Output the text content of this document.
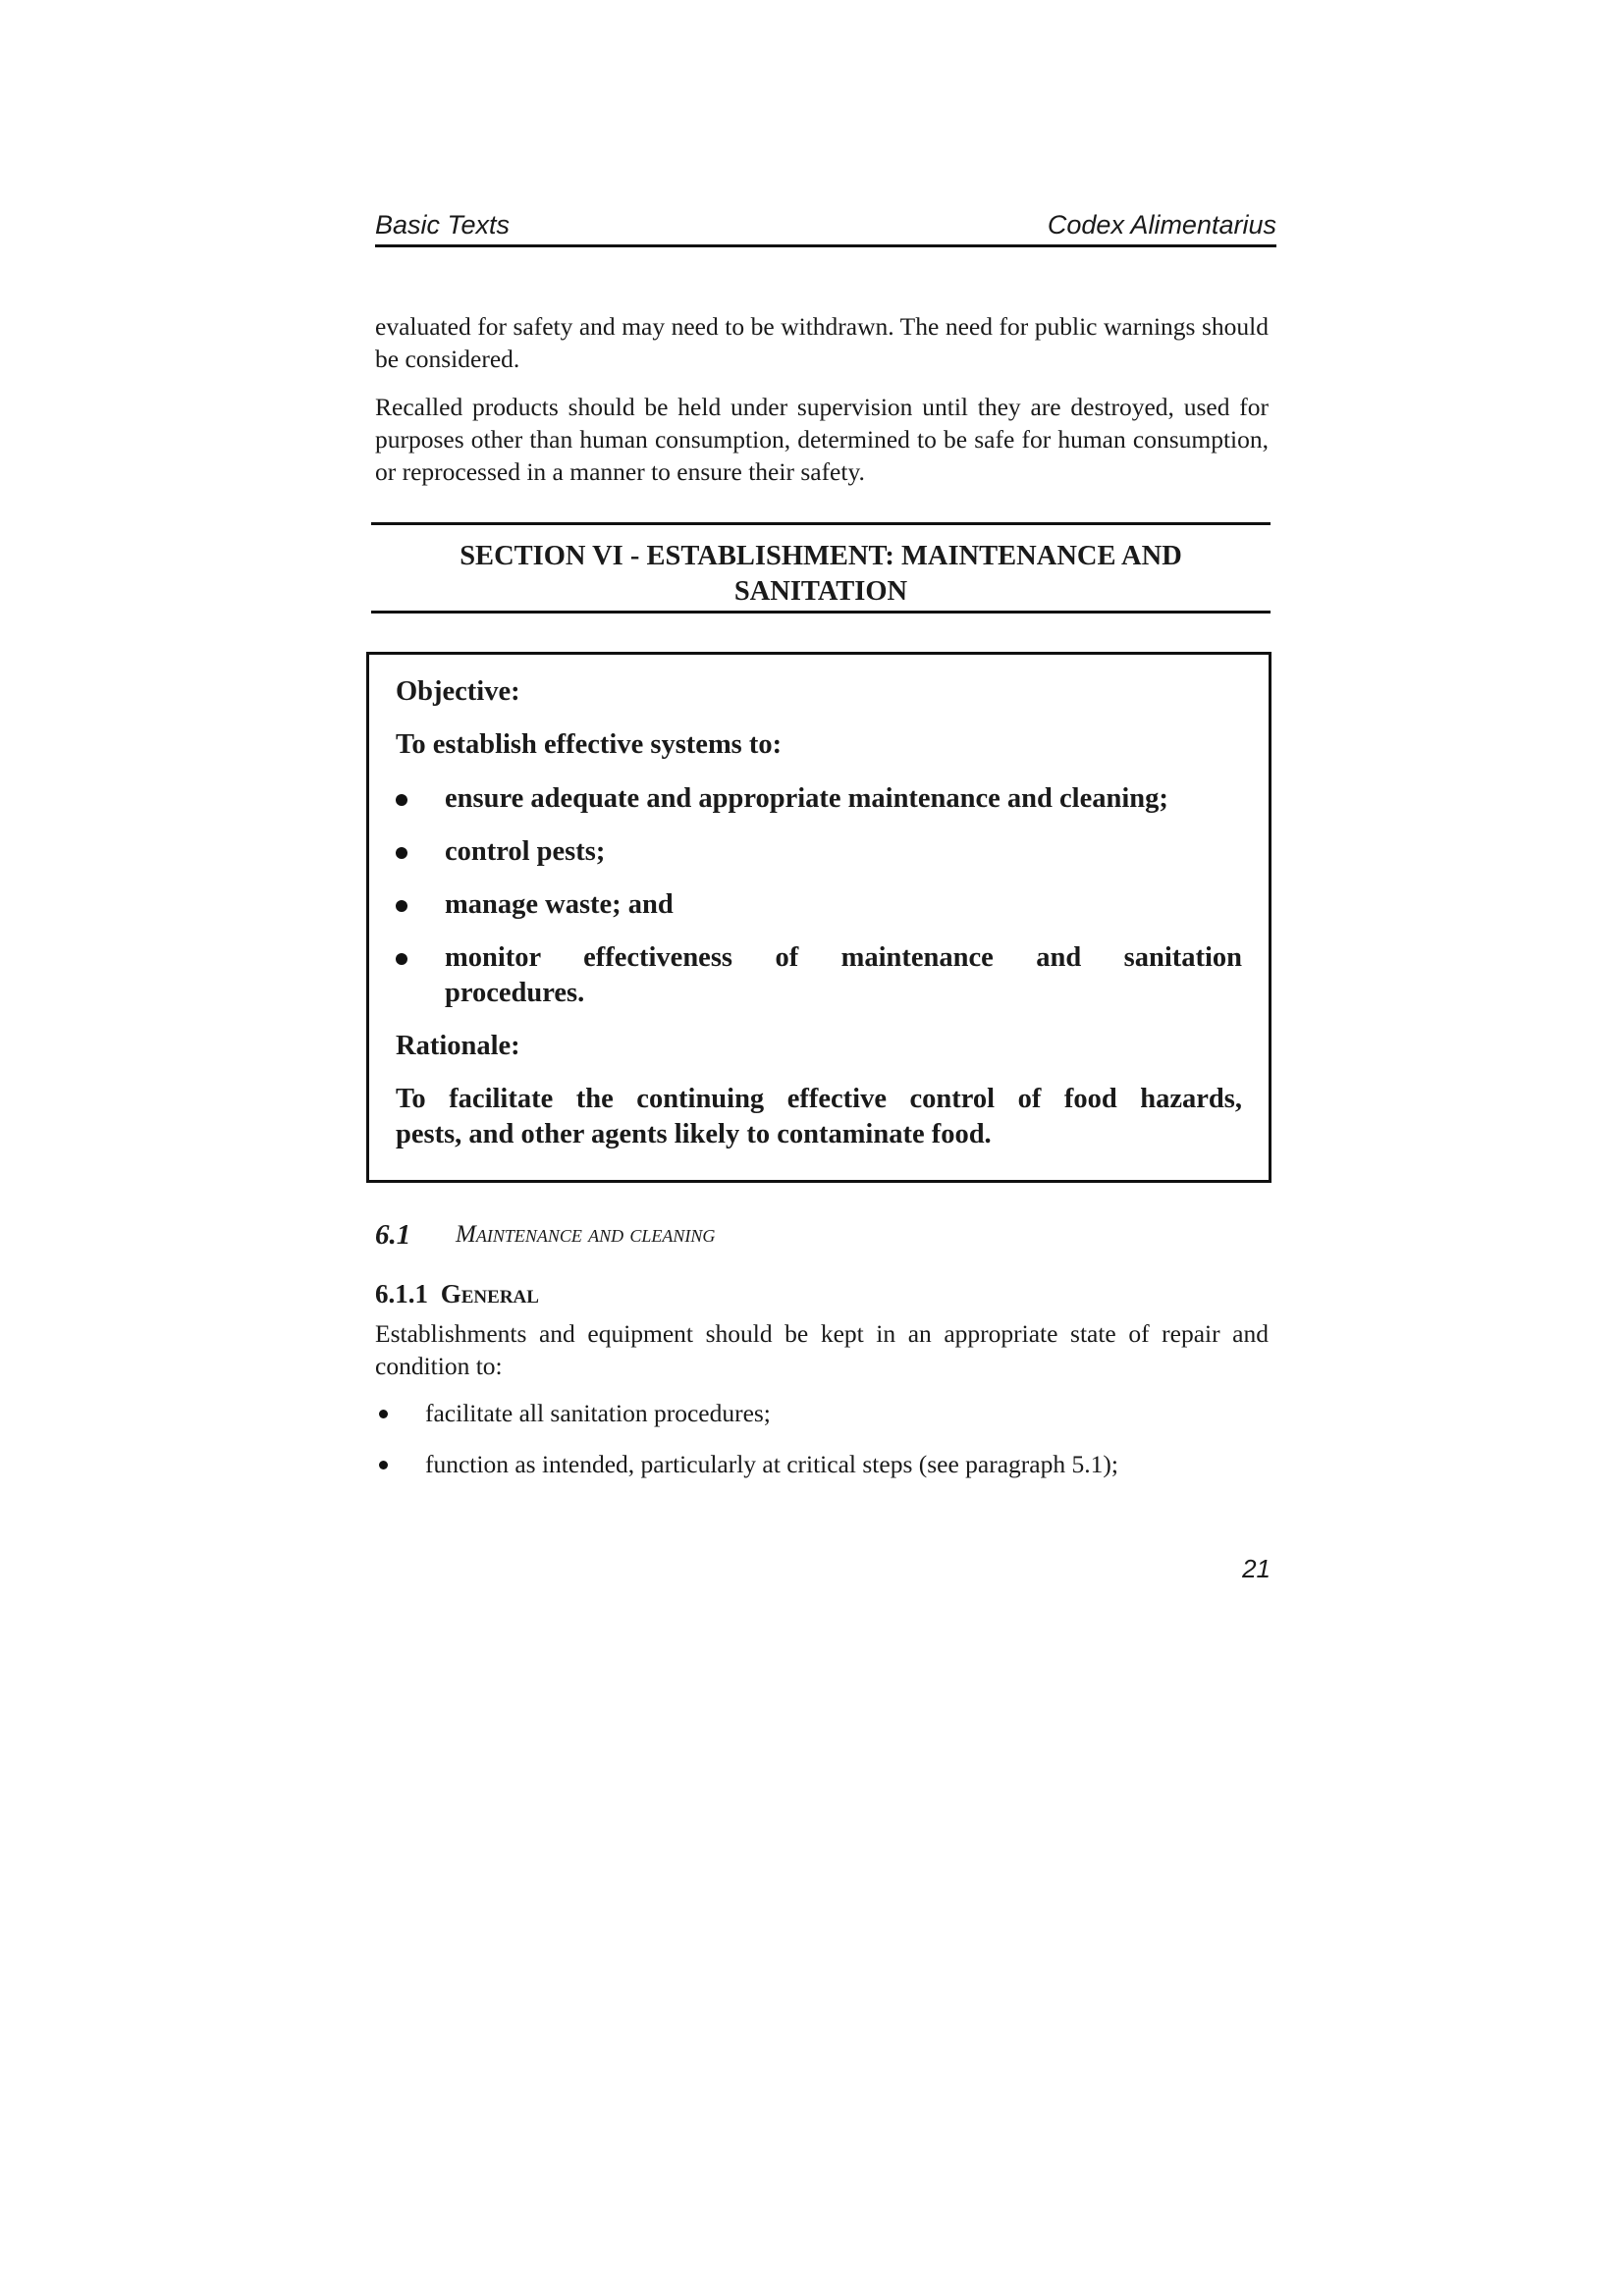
Basic Texts	Codex Alimentarius

evaluated for safety and may need to be withdrawn. The need for public warnings should be considered.

Recalled products should be held under supervision until they are destroyed, used for purposes other than human consumption, determined to be safe for human consumption, or reprocessed in a manner to ensure their safety.

SECTION VI - ESTABLISHMENT: MAINTENANCE AND
SANITATION
Objective:
To establish effective systems to:
ensure adequate and appropriate maintenance and cleaning;
control pests;
manage waste; and
monitor effectiveness of maintenance and sanitation
procedures.
Rationale:
To facilitate the continuing effective control of food hazards,
pests, and other agents likely to contaminate food.
6.1 Maintenance and cleaning
6.1.1 General

Establishments and equipment should be kept in an appropriate state of repair and condition to:

facilitate all sanitation procedures;
function as intended, particularly at critical steps (see paragraph 5.1);
21
